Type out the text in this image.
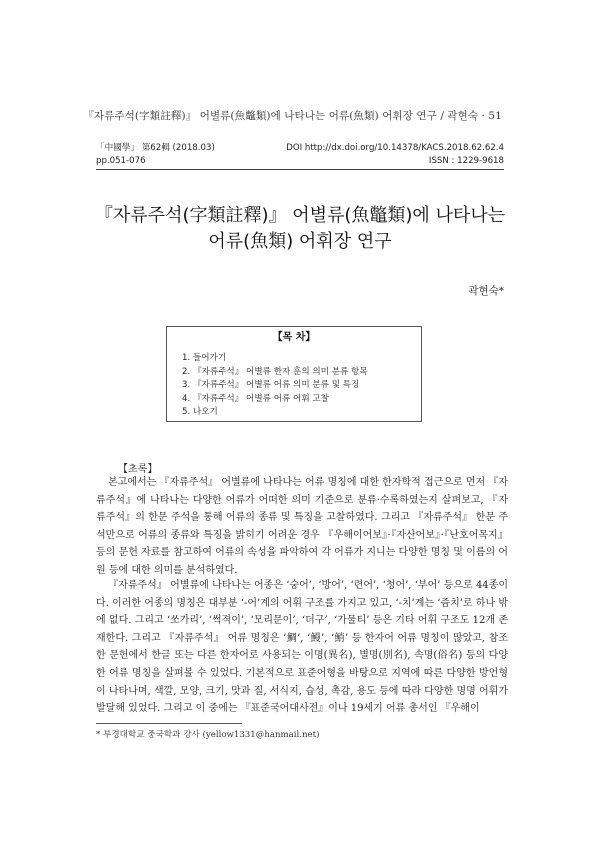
『자류주석(字類註釋)』 어별류(魚鼈類)에 나타나는 어류(魚類) 어휘장 연구 / 곽현숙 · 51
「中國學」 第62輯 (2018.03)	DOI http://dx.doi.org/10.14378/KACS.2018.62.62.4
pp.051-076	ISSN : 1229-9618
『자류주석(字類註釋)』 어별류(魚鼈類)에 나타나는
어류(魚類) 어휘장 연구
곽현숙*
【목 차】
1. 들어가기
2. 『자류주석』 어별류 한자 훈의 의미 분류 항목
3. 『자류주석』 어별류 어류 의미 분류 및 특징
4. 『자류주석』 어별류 어류 어휘 고찰
5. 나오기
【초록】

본고에서는 『자류주석』 어별류에 나타나는 어류 명칭에 대한 한자학적 접근으로 먼저 『자류주석』에 나타나는 다양한 어류가 어떠한 의미 기준으로 분류·수록하였는지 살펴보고, 『자류주석』의 한문 주석을 통해 어류의 종류 및 특징을 고찰하였다. 그리고 『자류주석』 한문 주석만으로 어류의 종류와 특징을 밝히기 어려운 경우 『우해이어보』·『자산어보』·『난호어목지』 등의 문헌 자료를 참고하여 어류의 속성을 파악하여 각 어류가 지니는 다양한 명칭 및 이름의 어원 등에 대한 의미를 분석하였다.

『자류주석』 어별류에 나타나는 어종은 ‘숭어’, ‘방어’, ‘련어’, ‘청어’, ‘부어’ 등으로 44종이다. 이러한 어종의 명칭은 대부분 ‘-어’계의 어휘 구조를 가지고 있고, ‘-치’계는 ‘즘치’로 하나 밖에 없다. 그리고 ‘쏘가리’, ‘썩젹이’, ‘모리문이’, ‘더구’, ‘가물티’ 등은 기타 어휘 구조도 12개 존재한다. 그리고 『자류주석』 어류 명칭은 ‘鯛’, ‘鰻’, ‘鮹’ 등 한자어 어류 명칭이 많았고, 참조한 문헌에서 한글 또는 다른 한자어로 사용되는 이명(異名), 별명(別名), 속명(俗名) 등의 다양한 어류 명칭을 살펴볼 수 있었다. 기본적으로 표준어형을 바탕으로 지역에 따른 다양한 방언형이 나타나며, 색깔, 모양, 크기, 맛과 질, 서식지, 습성, 촉감, 용도 등에 따라 다양한 명명 어휘가 발달해 있었다. 그리고 이 중에는 『표준국어대사전』이나 19세기 어류 총서인 『우해이

* 부경대학교 중국학과 강사 (yellow1331@hanmail.net)
